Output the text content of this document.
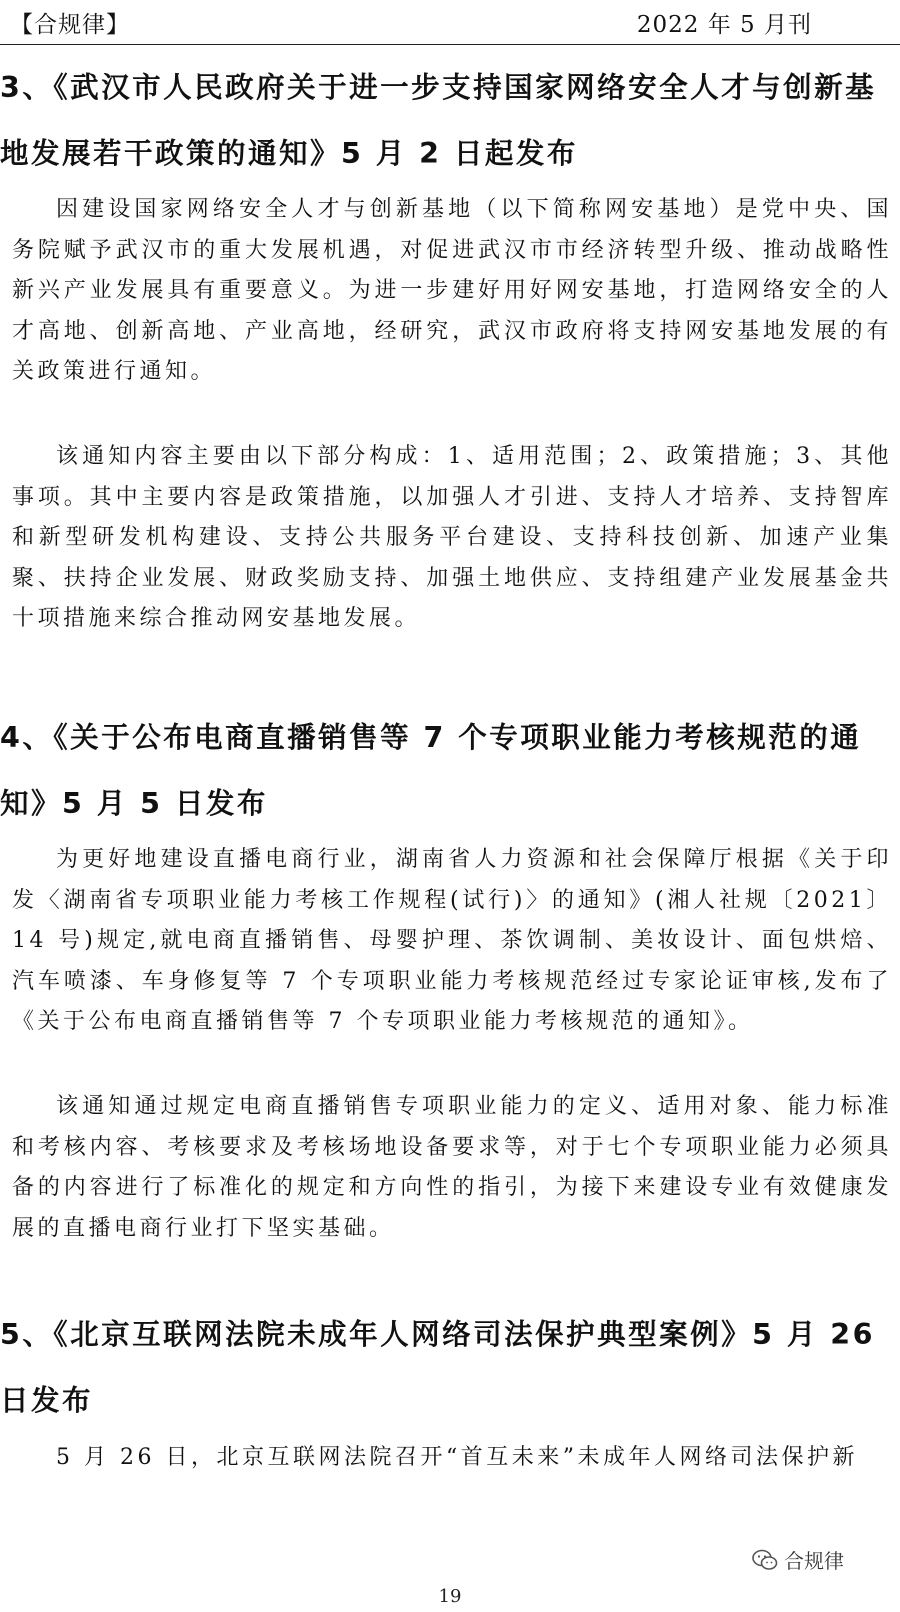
【合规律】	2022 年 5 月刊
3、《武汉市人民政府关于进一步支持国家网络安全人才与创新基地发展若干政策的通知》5 月 2 日起发布
因建设国家网络安全人才与创新基地（以下简称网安基地）是党中央、国务院赋予武汉市的重大发展机遇，对促进武汉市市经济转型升级、推动战略性新兴产业发展具有重要意义。为进一步建好用好网安基地，打造网络安全的人才高地、创新高地、产业高地，经研究，武汉市政府将支持网安基地发展的有关政策进行通知。
该通知内容主要由以下部分构成：1、适用范围；2、政策措施；3、其他事项。其中主要内容是政策措施，以加强人才引进、支持人才培养、支持智库和新型研发机构建设、支持公共服务平台建设、支持科技创新、加速产业集聚、扶持企业发展、财政奖励支持、加强土地供应、支持组建产业发展基金共十项措施来综合推动网安基地发展。
4、《关于公布电商直播销售等 7 个专项职业能力考核规范的通知》5 月 5 日发布
为更好地建设直播电商行业，湖南省人力资源和社会保障厅根据《关于印发〈湖南省专项职业能力考核工作规程(试行)〉的通知》(湘人社规〔2021〕14 号)规定,就电商直播销售、母婴护理、茶饮调制、美妆设计、面包烘焙、汽车喷漆、车身修复等 7 个专项职业能力考核规范经过专家论证审核,发布了《关于公布电商直播销售等 7 个专项职业能力考核规范的通知》。
该通知通过规定电商直播销售专项职业能力的定义、适用对象、能力标准和考核内容、考核要求及考核场地设备要求等，对于七个专项职业能力必须具备的内容进行了标准化的规定和方向性的指引，为接下来建设专业有效健康发展的直播电商行业打下坚实基础。
5、《北京互联网法院未成年人网络司法保护典型案例》5 月 26 日发布
5 月 26 日，北京互联网法院召开“首互未来”未成年人网络司法保护新
合规律
19
